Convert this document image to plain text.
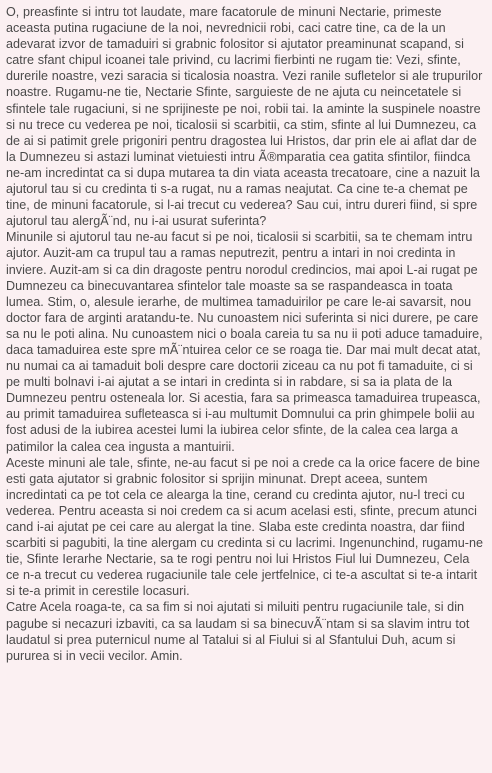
O, preasfinte si intru tot laudate, mare facatorule de minuni Nectarie, primeste aceasta putina rugaciune de la noi, nevrednicii robi, caci catre tine, ca de la un adevarat izvor de tamaduiri si grabnic folositor si ajutator preaminunat scapand, si catre sfant chipul icoanei tale privind, cu lacrimi fierbinti ne rugam tie: Vezi, sfinte, durerile noastre, vezi saracia si ticalosia noastra. Vezi ranile sufletelor si ale trupurilor noastre. Rugamu-ne tie, Nectarie Sfinte, sarguieste de ne ajuta cu neincetatele si sfintele tale rugaciuni, si ne sprijineste pe noi, robii tai. Ia aminte la suspinele noastre si nu trece cu vederea pe noi, ticalosii si scarbitii, ca stim, sfinte al lui Dumnezeu, ca de ai si patimit grele prigoniri pentru dragostea lui Hristos, dar prin ele ai aflat dar de la Dumnezeu si astazi luminat vietuiesti intru Ã®mparatia cea gatita sfintilor, fiindca ne-am incredintat ca si dupa mutarea ta din viata aceasta trecatoare, cine a nazuit la ajutorul tau si cu credinta ti s-a rugat, nu a ramas neajutat. Ca cine te-a chemat pe tine, de minuni facatorule, si l-ai trecut cu vederea? Sau cui, intru dureri fiind, si spre ajutorul tau alergÃ¨nd, nu i-ai usurat suferinta?

Minunile si ajutorul tau ne-au facut si pe noi, ticalosii si scarbitii, sa te chemam intru ajutor. Auzit-am ca trupul tau a ramas neputrezit, pentru a intari in noi credinta in inviere. Auzit-am si ca din dragoste pentru norodul credincios, mai apoi L-ai rugat pe Dumnezeu ca binecuvantarea sfintelor tale moaste sa se raspandeasca in toata lumea. Stim, o, alesule ierarhe, de multimea tamaduirilor pe care le-ai savarsit, nou doctor fara de arginti aratandu-te. Nu cunoastem nici suferinta si nici durere, pe care sa nu le poti alina. Nu cunoastem nici o boala careia tu sa nu ii poti aduce tamaduire, daca tamaduirea este spre mÃ¨ntuirea celor ce se roaga tie. Dar mai mult decat atat, nu numai ca ai tamaduit boli despre care doctorii ziceau ca nu pot fi tamaduite, ci si pe multi bolnavi i-ai ajutat a se intari in credinta si in rabdare, si sa ia plata de la Dumnezeu pentru osteneala lor. Si acestia, fara sa primeasca tamaduirea trupeasca, au primit tamaduirea sufleteasca si i-au multumit Domnului ca prin ghimpele bolii au fost adusi de la iubirea acestei lumi la iubirea celor sfinte, de la calea cea larga a patimilor la calea cea ingusta a mantuirii.

Aceste minuni ale tale, sfinte, ne-au facut si pe noi a crede ca la orice facere de bine esti gata ajutator si grabnic folositor si sprijin minunat. Drept aceea, suntem incredintati ca pe tot cela ce alearga la tine, cerand cu credinta ajutor, nu-l treci cu vederea. Pentru aceasta si noi credem ca si acum acelasi esti, sfinte, precum atunci cand i-ai ajutat pe cei care au alergat la tine. Slaba este credinta noastra, dar fiind scarbiti si pagubiti, la tine alergam cu credinta si cu lacrimi. Ingenunchind, rugamu-ne tie, Sfinte Ierarhe Nectarie, sa te rogi pentru noi lui Hristos Fiul lui Dumnezeu, Cela ce n-a trecut cu vederea rugaciunile tale cele jertfelnice, ci te-a ascultat si te-a intarit si te-a primit in cerestile locasuri.

Catre Acela roaga-te, ca sa fim si noi ajutati si miluiti pentru rugaciunile tale, si din pagube si necazuri izbaviti, ca sa laudam si sa binecuvÃ¨ntam si sa slavim intru tot laudatul si prea puternicul nume al Tatalui si al Fiului si al Sfantului Duh, acum si pururea si in vecii vecilor. Amin.
